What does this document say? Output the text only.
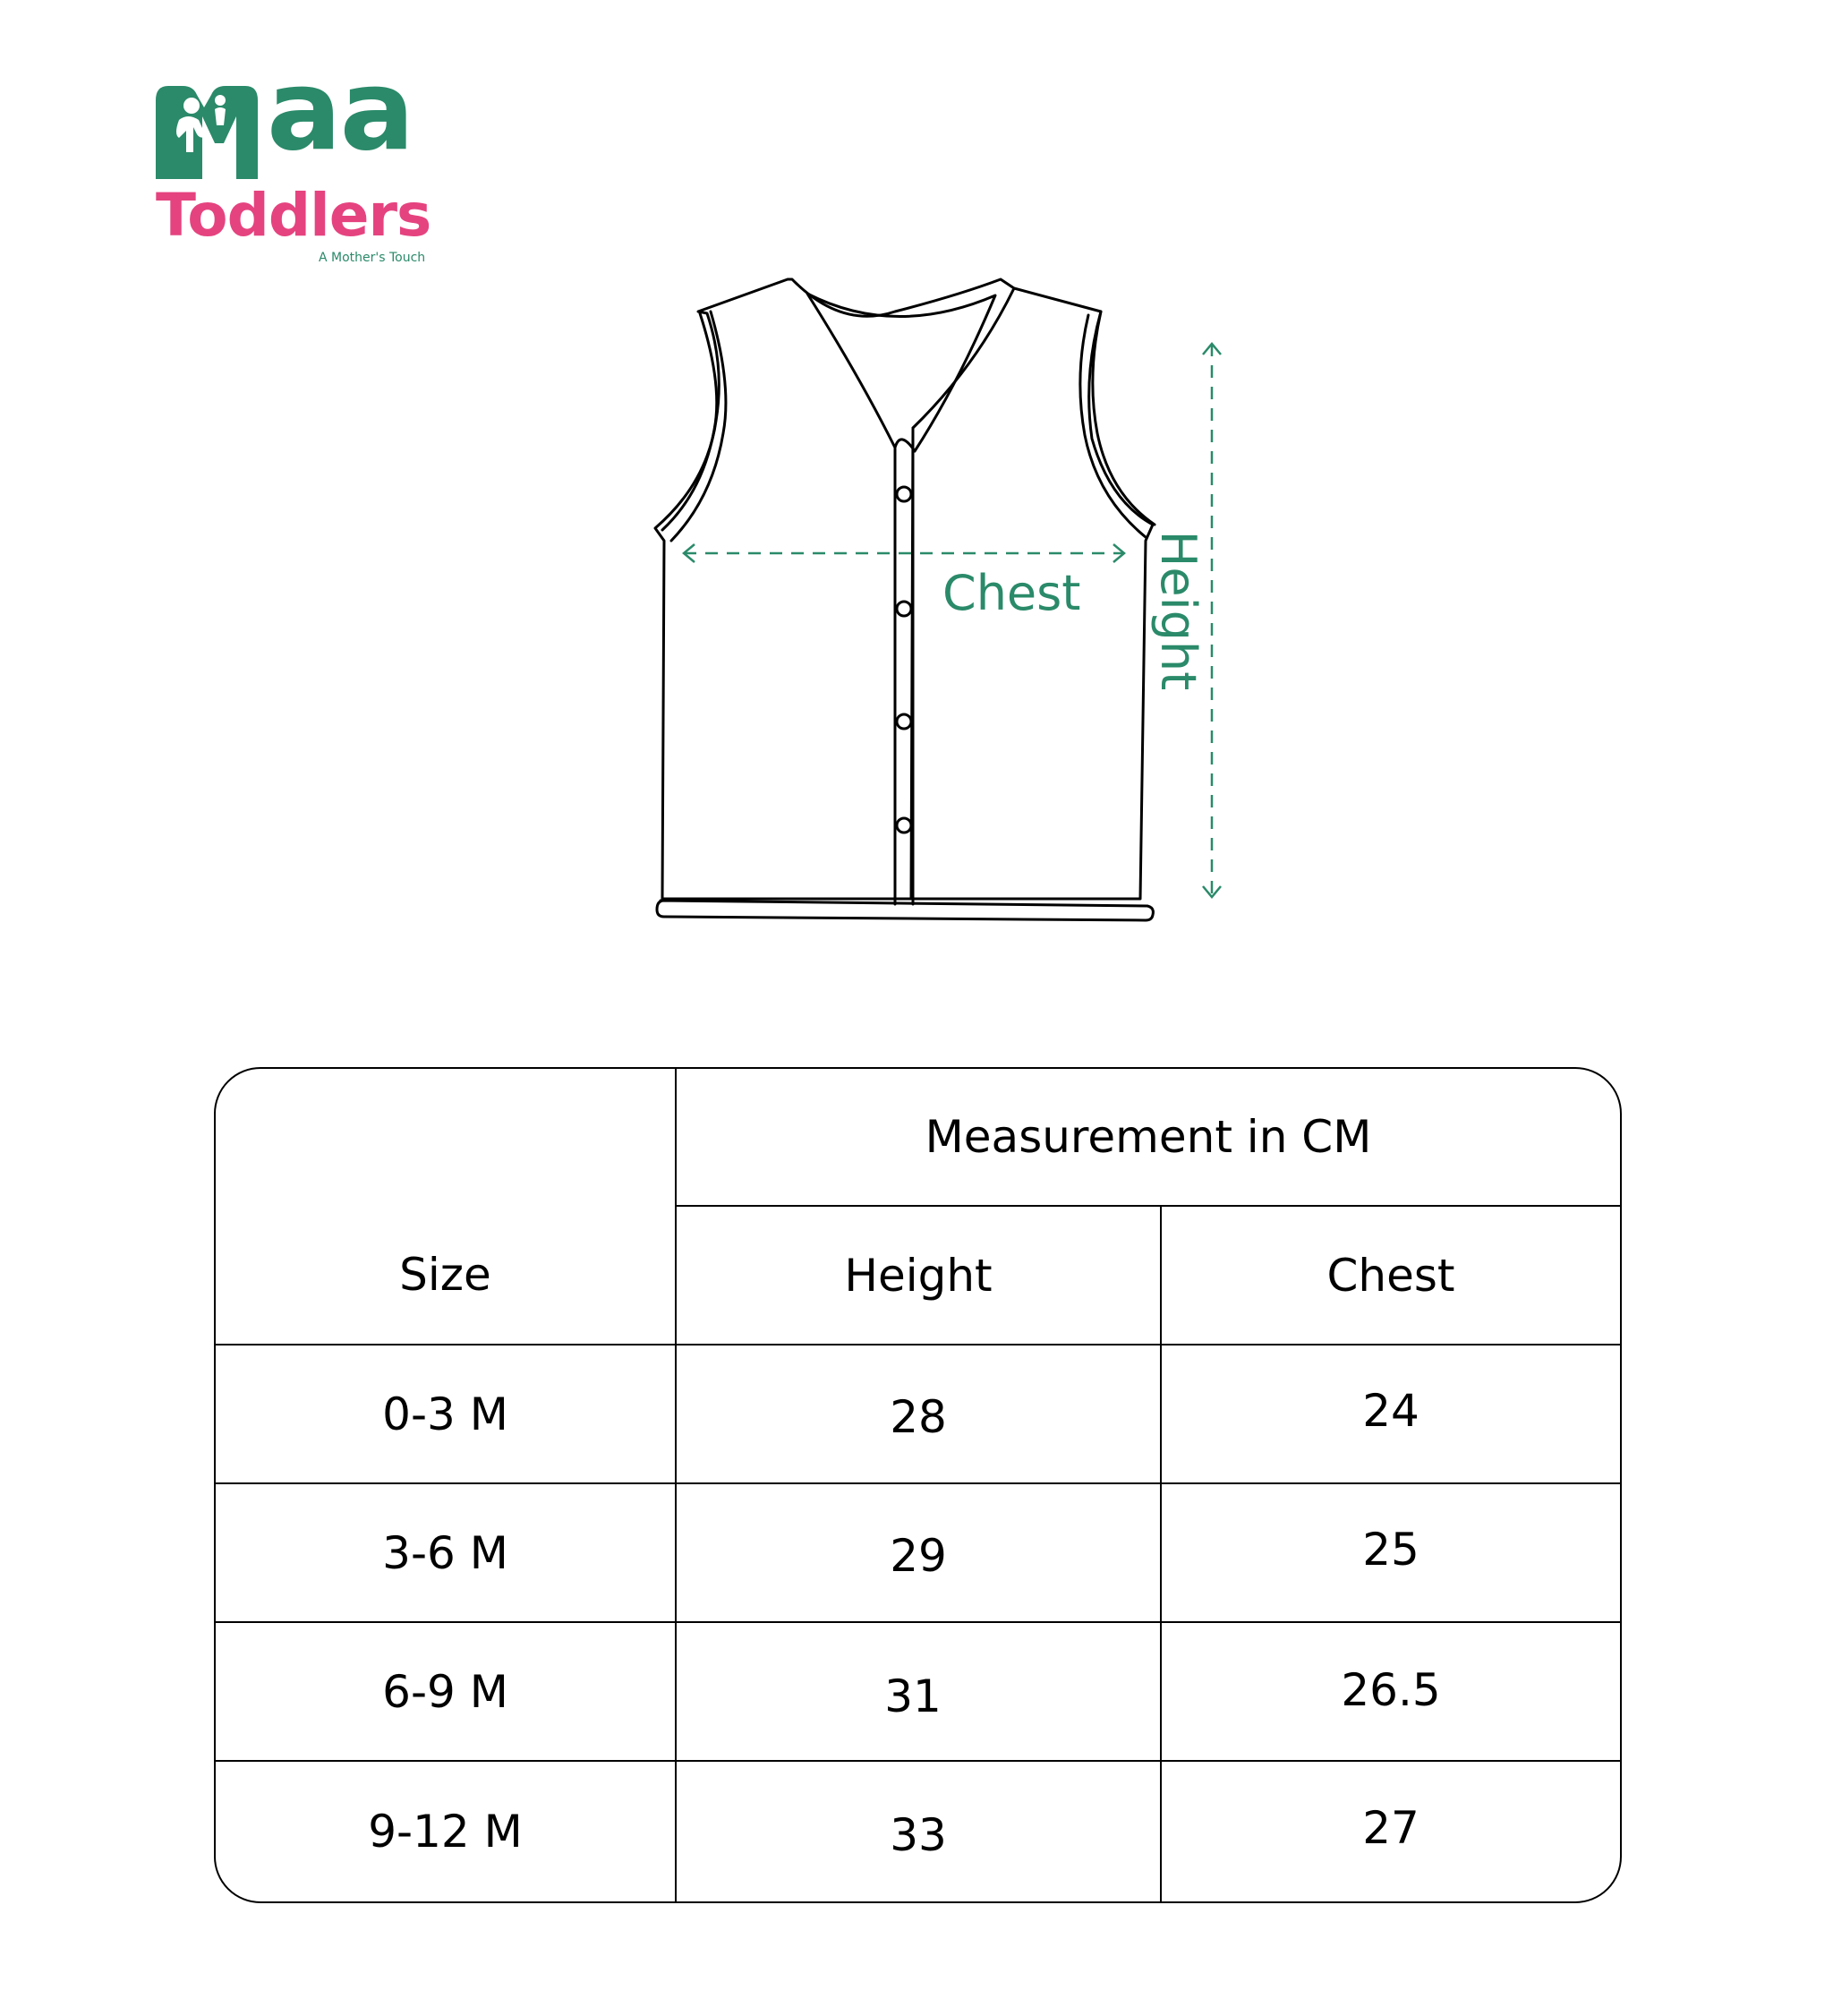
aa
Toddlers
A Mother's Touch
Chest Height
Measurement in CM
Size	Height	Chest
0-3 M	28	24
3-6 M	29	25
6-9 M	31	26.5
9-12 M	33	27
